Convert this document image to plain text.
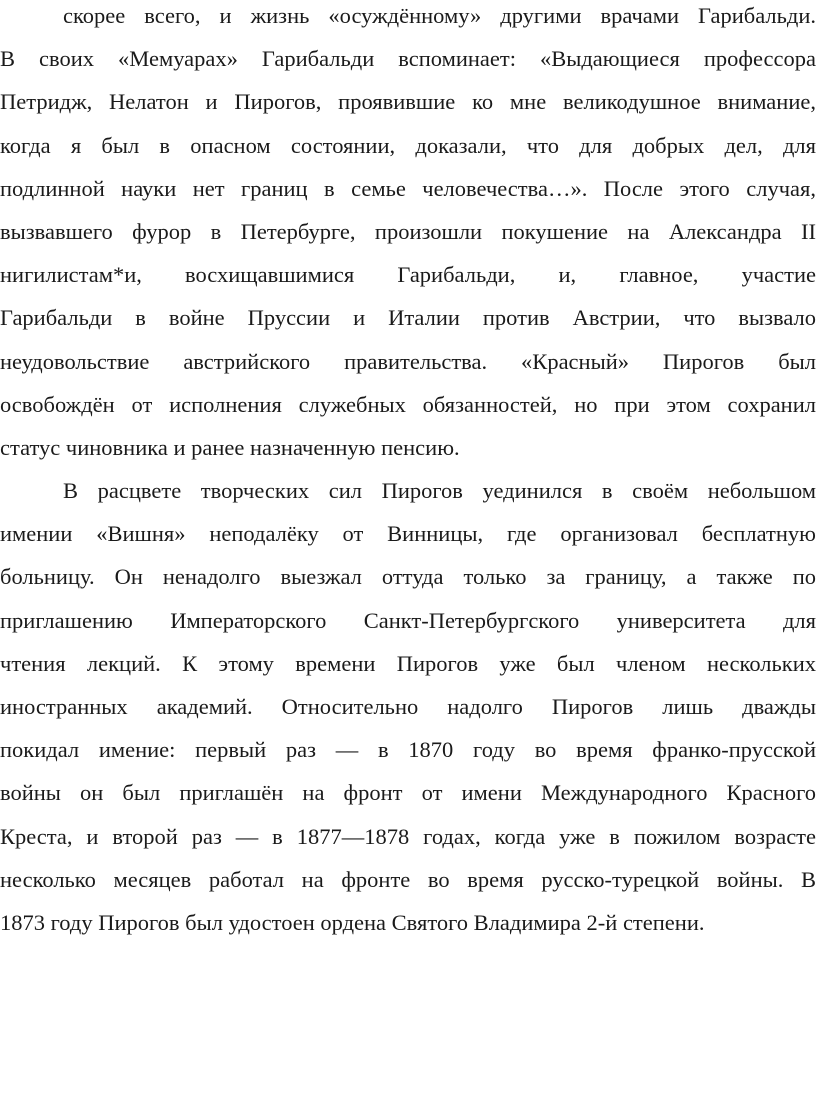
скорее всего, и жизнь «осуждённому» другими врачами Гарибальди.
В своих «Мемуарах» Гарибальди вспоминает: «Выдающиеся профессора
Петридж, Нелатон и Пирогов, проявившие ко мне великодушное внимание,
когда я был в опасном состоянии, доказали, что для добрых дел, для
подлинной науки нет границ в семье человечества…». После этого случая,
вызвавшего фурор в Петербурге, произошли покушение на Александра II
нигилистам*и, восхищавшимися Гарибальди, и, главное, участие
Гарибальди в войне Пруссии и Италии против Австрии, что вызвало
неудовольствие австрийского правительства. «Красный» Пирогов был
освобождён от исполнения служебных обязанностей, но при этом сохранил
статус чиновника и ранее назначенную пенсию.
В расцвете творческих сил Пирогов уединился в своём небольшом
имении «Вишня» неподалёку от Винницы, где организовал бесплатную
больницу. Он ненадолго выезжал оттуда только за границу, а также по
приглашению Императорского Санкт-Петербургского университета для
чтения лекций. К этому времени Пирогов уже был членом нескольких
иностранных академий. Относительно надолго Пирогов лишь дважды
покидал имение: первый раз — в 1870 году во время франко-прусской
войны он был приглашён на фронт от имени Международного Красного
Креста, и второй раз — в 1877—1878 годах, когда уже в пожилом возрасте
несколько месяцев работал на фронте во время русско-турецкой войны. В
1873 году Пирогов был удостоен ордена Святого Владимира 2-й степени.
